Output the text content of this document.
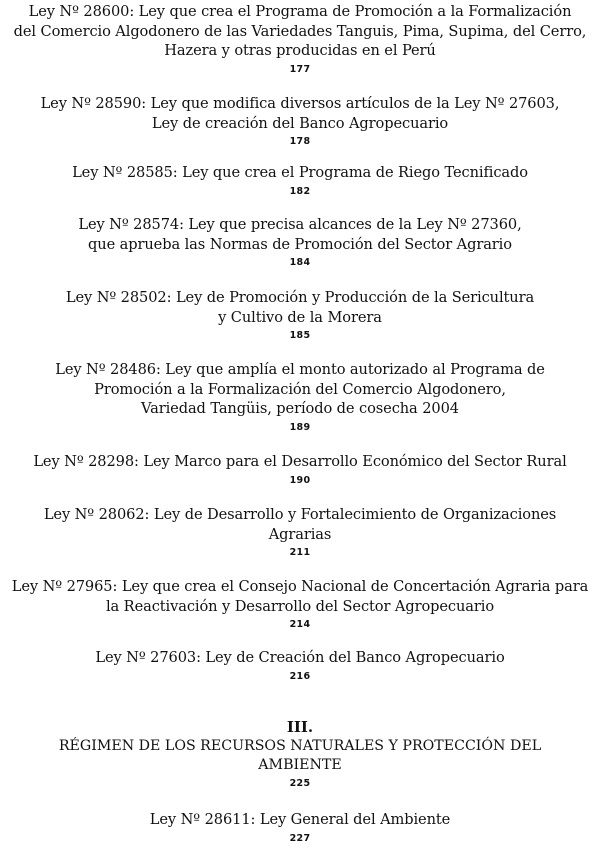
Ley Nº 28600: Ley que crea el Programa de Promoción a la Formalización
del Comercio Algodonero de las Variedades Tanguis, Pima, Supima, del Cerro,
Hazera y otras producidas en el Perú
177
Ley Nº 28590: Ley que modifica diversos artículos de la Ley Nº 27603,
Ley de creación del Banco Agropecuario
178
Ley Nº 28585: Ley que crea el Programa de Riego Tecnificado
182
Ley Nº 28574: Ley que precisa alcances de la Ley Nº 27360,
que aprueba las Normas de Promoción del Sector Agrario
184
Ley Nº 28502: Ley de Promoción y Producción de la Sericultura
y Cultivo de la Morera
185
Ley Nº 28486: Ley que amplía el monto autorizado al Programa de
Promoción a la Formalización del Comercio Algodonero,
Variedad Tangüis, período de cosecha 2004
189
Ley Nº 28298: Ley Marco para el Desarrollo Económico del Sector Rural
190
Ley Nº 28062: Ley de Desarrollo y Fortalecimiento de Organizaciones
Agrarias
211
Ley Nº 27965: Ley que crea el Consejo Nacional de Concertación Agraria para
la Reactivación y Desarrollo del Sector Agropecuario
214
Ley Nº 27603: Ley de Creación del Banco Agropecuario
216
III.
RÉGIMEN DE LOS RECURSOS NATURALES Y PROTECCIÓN DEL
AMBIENTE
225
Ley Nº 28611: Ley General del Ambiente
227
